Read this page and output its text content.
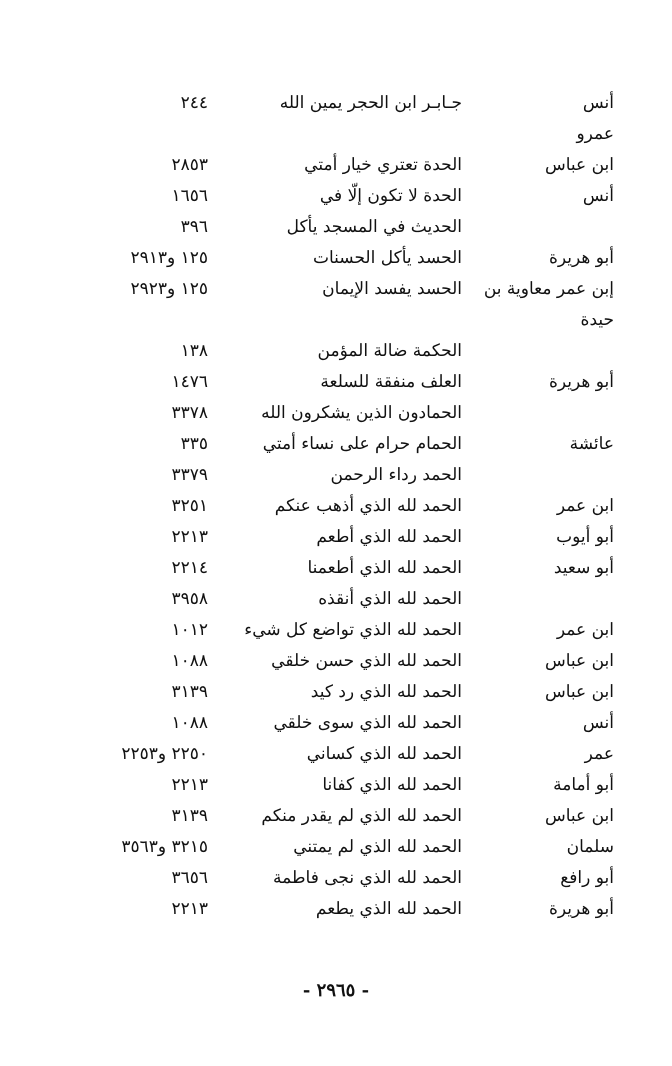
أنس
جـابـر ابن الحجر يمين الله
٢٤٤
عمرو
ابن عباس
الحدة تعتري خيار أمتي
٢٨٥٣
أنس
الحدة لا تكون إلّا في
١٦٥٦
الحديث في المسجد يأكل
٣٩٦
أبو هريرة
الحسد يأكل الحسنات
١٢٥ و٢٩١٣
إبن عمر معاوية بن
الحسد يفسد الإيمان
١٢٥ و٢٩٢٣
حيدة
الحكمة ضالة المؤمن
١٣٨
أبو هريرة
العلف منفقة للسلعة
١٤٧٦
الحمادون الذين يشكرون الله
٣٣٧٨
عائشة
الحمام حرام على نساء أمتي
٣٣٥
الحمد رداء الرحمن
٣٣٧٩
ابن عمر
الحمد لله الذي أذهب عنكم
٣٢٥١
أبو أيوب
الحمد لله الذي أطعم
٢٢١٣
أبو سعيد
الحمد لله الذي أطعمنا
٢٢١٤
الحمد لله الذي أنقذه
٣٩٥٨
ابن عمر
الحمد لله الذي تواضع كل شيء
١٠١٢
ابن عباس
الحمد لله الذي حسن خلقي
١٠٨٨
ابن عباس
الحمد لله الذي رد كيد
٣١٣٩
أنس
الحمد لله الذي سوى خلقي
١٠٨٨
عمر
الحمد لله الذي كساني
٢٢٥٠ و٢٢٥٣
أبو أمامة
الحمد لله الذي كفانا
٢٢١٣
ابن عباس
الحمد لله الذي لم يقدر منكم
٣١٣٩
سلمان
الحمد لله الذي لم يمتني
٣٢١٥ و٣٥٦٣
أبو رافع
الحمد لله الذي نجى فاطمة
٣٦٥٦
أبو هريرة
الحمد لله الذي يطعم
٢٢١٣
- ٢٩٦٥ -
